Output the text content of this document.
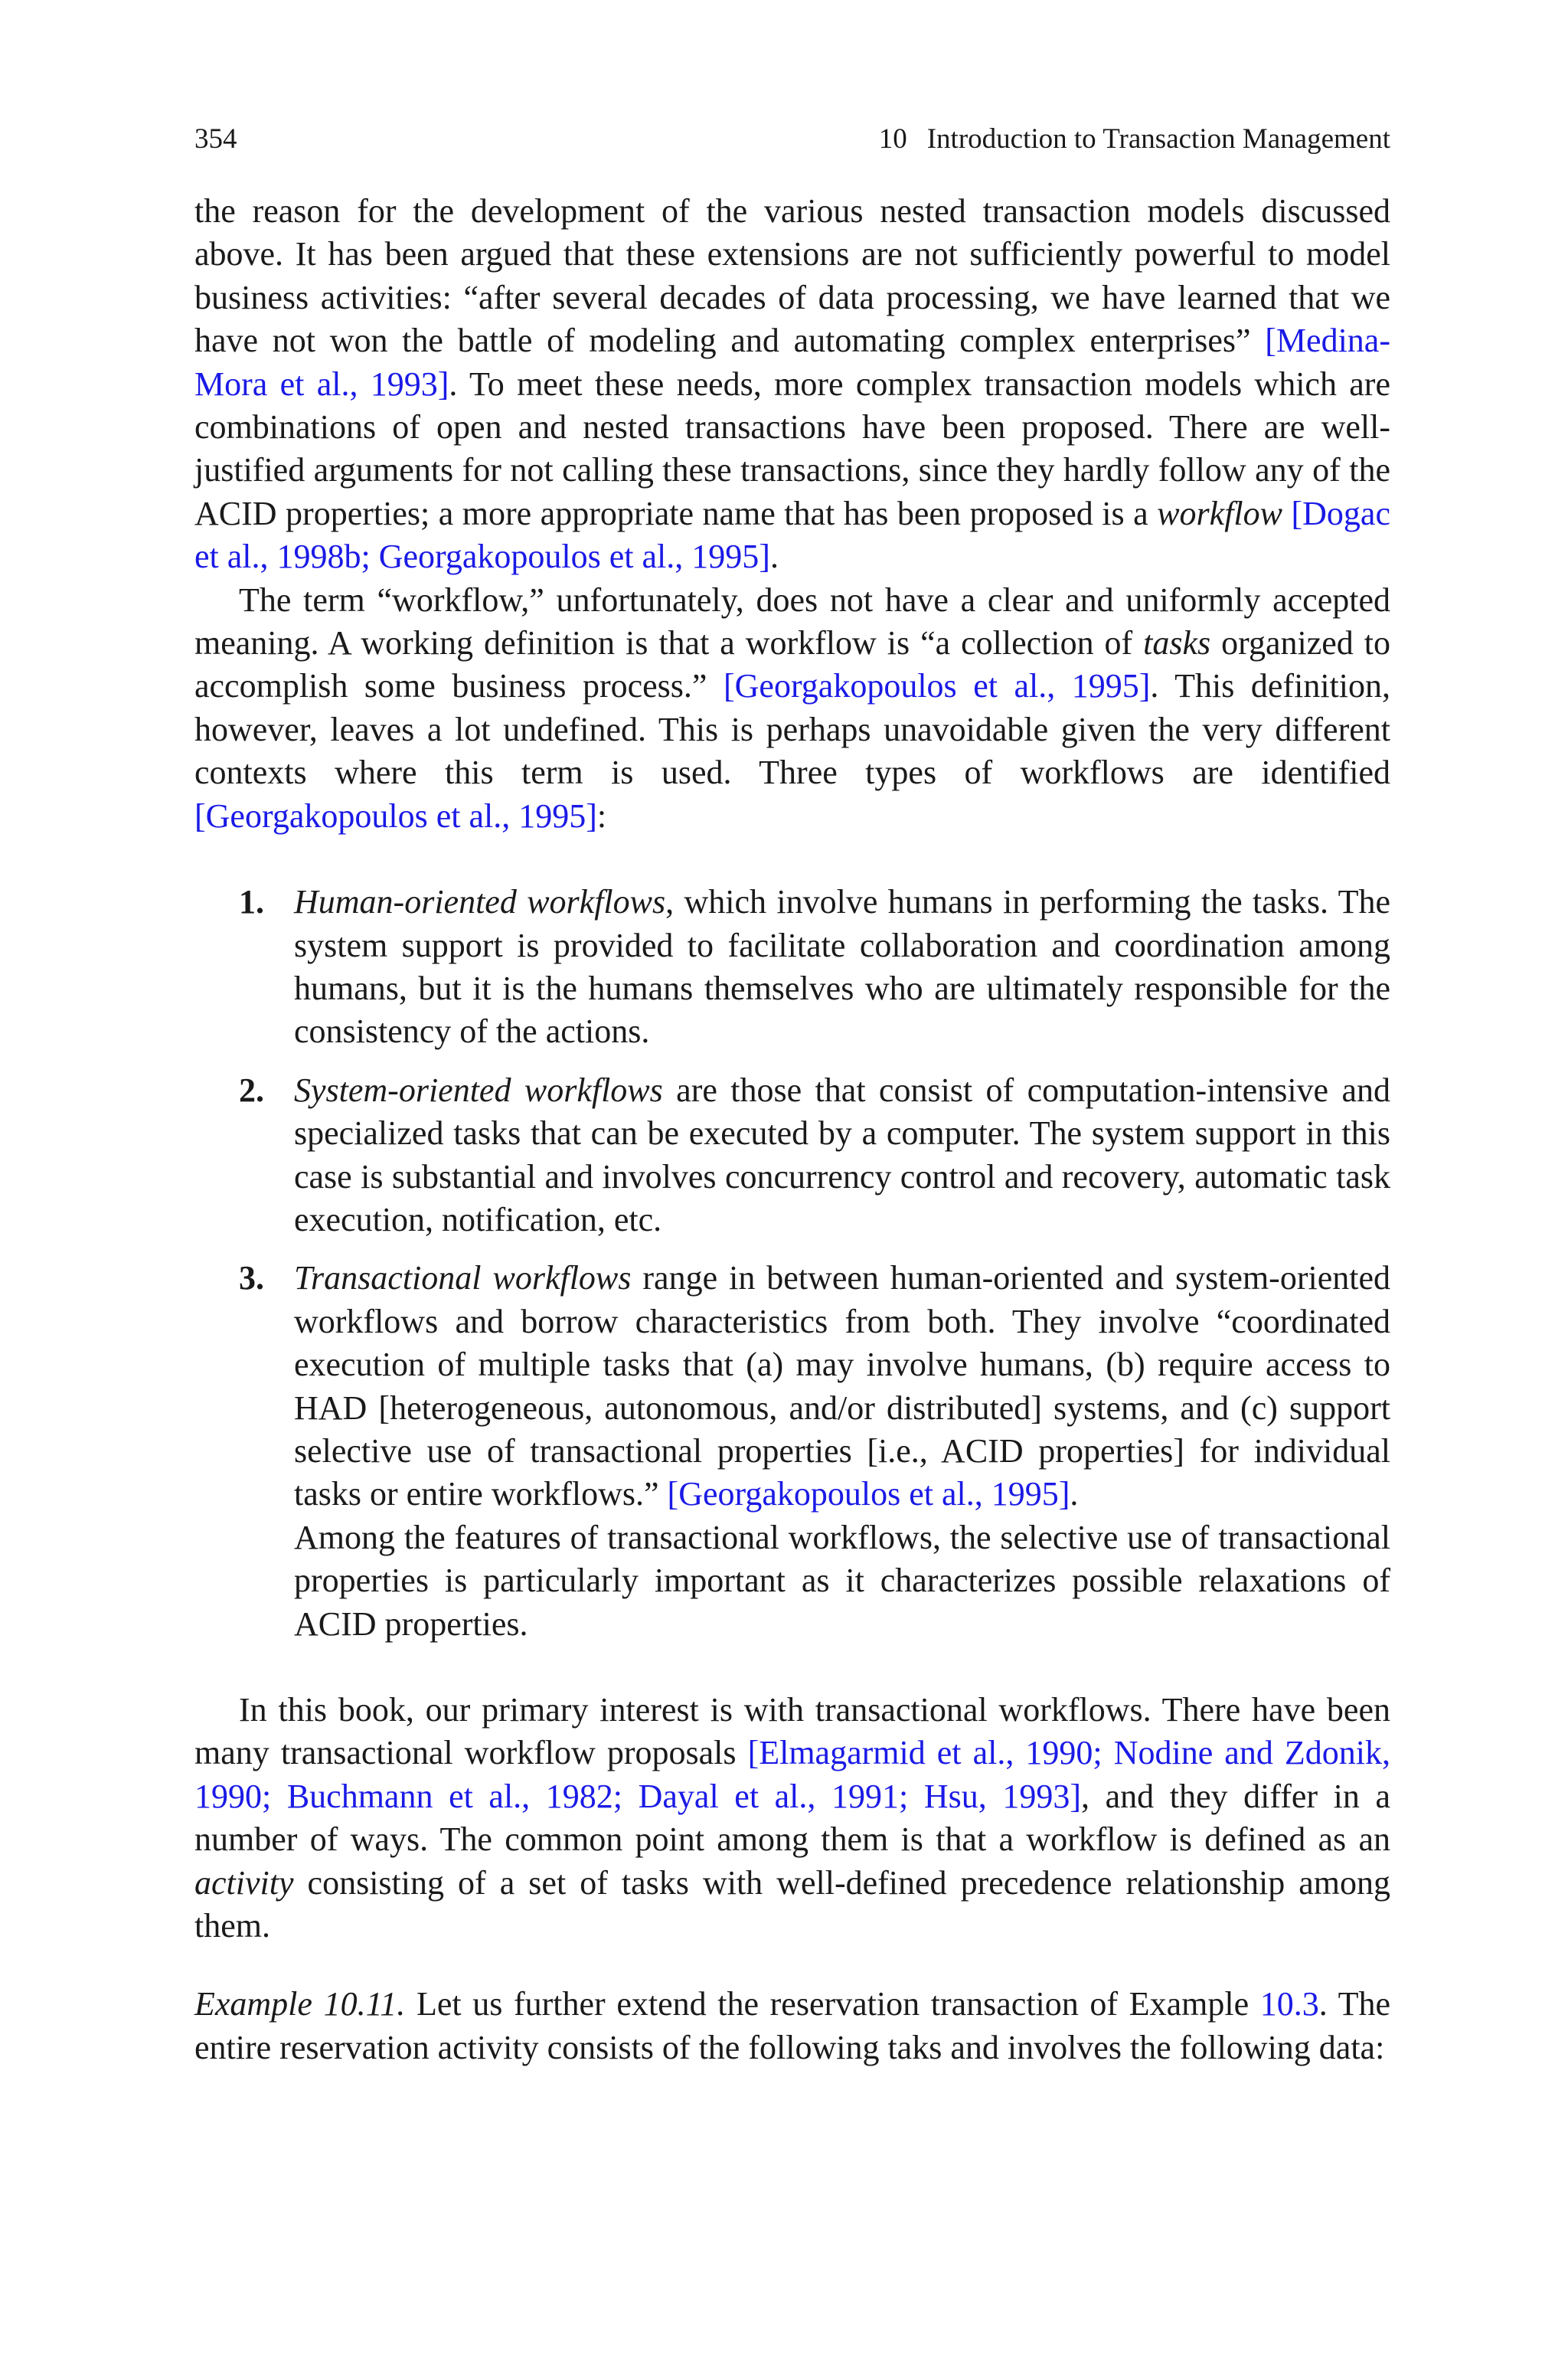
354	10 Introduction to Transaction Management

the reason for the development of the various nested transaction models discussed above. It has been argued that these extensions are not sufficiently powerful to model business activities: “after several decades of data processing, we have learned that we have not won the battle of modeling and automating complex enterprises” [Medina-Mora et al., 1993]. To meet these needs, more complex transaction models which are combinations of open and nested transactions have been proposed. There are well-justified arguments for not calling these transactions, since they hardly follow any of the ACID properties; a more appropriate name that has been proposed is a workflow [Dogac et al., 1998b; Georgakopoulos et al., 1995].

The term “workflow,” unfortunately, does not have a clear and uniformly accepted meaning. A working definition is that a workflow is “a collection of tasks organized to accomplish some business process.” [Georgakopoulos et al., 1995]. This definition, however, leaves a lot undefined. This is perhaps unavoidable given the very different contexts where this term is used. Three types of workflows are identified [Georgakopoulos et al., 1995]:

1. Human-oriented workflows, which involve humans in performing the tasks. The system support is provided to facilitate collaboration and coordination among humans, but it is the humans themselves who are ultimately responsible for the consistency of the actions.
2. System-oriented workflows are those that consist of computation-intensive and specialized tasks that can be executed by a computer. The system support in this case is substantial and involves concurrency control and recovery, automatic task execution, notification, etc.
3. Transactional workflows range in between human-oriented and system-oriented workflows and borrow characteristics from both. They involve “coordinated execution of multiple tasks that (a) may involve humans, (b) require access to HAD [heterogeneous, autonomous, and/or distributed] systems, and (c) support selective use of transactional properties [i.e., ACID properties] for individual tasks or entire workflows.” [Georgakopoulos et al., 1995].
Among the features of transactional workflows, the selective use of transactional properties is particularly important as it characterizes possible relaxations of ACID properties.

In this book, our primary interest is with transactional workflows. There have been many transactional workflow proposals [Elmagarmid et al., 1990; Nodine and Zdonik, 1990; Buchmann et al., 1982; Dayal et al., 1991; Hsu, 1993], and they differ in a number of ways. The common point among them is that a workflow is defined as an activity consisting of a set of tasks with well-defined precedence relationship among them.

Example 10.11. Let us further extend the reservation transaction of Example 10.3. The entire reservation activity consists of the following taks and involves the following data:
